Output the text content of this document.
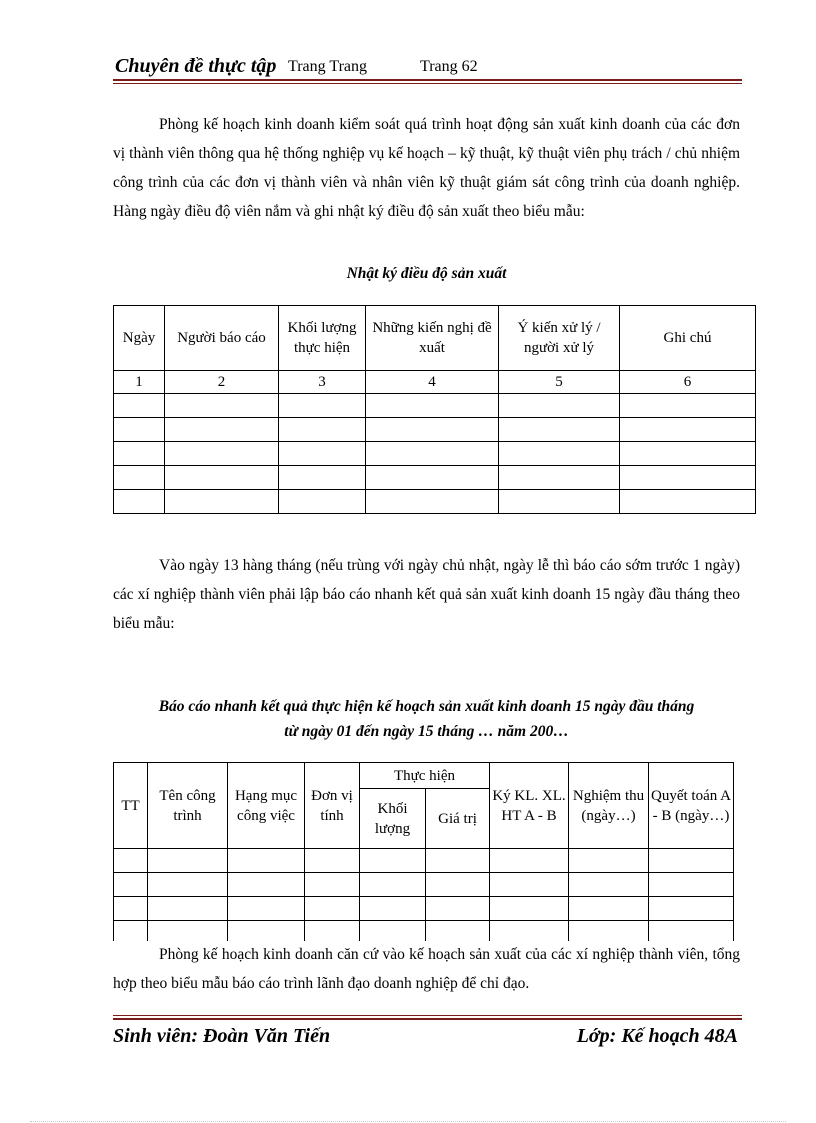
Chuyên đề thực tập Trang Trang	Trang 62
Phòng kế hoạch kinh doanh kiểm soát quá trình hoạt động sản xuất kinh doanh của các đơn vị thành viên thông qua hệ thống nghiệp vụ kế hoạch – kỹ thuật, kỹ thuật viên phụ trách / chủ nhiệm công trình của các đơn vị thành viên và nhân viên kỹ thuật giám sát công trình của doanh nghiệp. Hàng ngày điều độ viên nắm và ghi nhật ký điều độ sản xuất theo biểu mẫu:
Nhật ký điều độ sản xuất
Ngày	Người báo cáo	Khối lượng thực hiện	Những kiến nghị đề xuất	Ý kiến xử lý / người xử lý	Ghi chú
1	2	3	4	5	6

Vào ngày 13 hàng tháng (nếu trùng với ngày chủ nhật, ngày lễ thì báo cáo sớm trước 1 ngày) các xí nghiệp thành viên phải lập báo cáo nhanh kết quả sản xuất kinh doanh 15 ngày đầu tháng theo biểu mẫu:
Báo cáo nhanh kết quả thực hiện kế hoạch sản xuất kinh doanh 15 ngày đầu tháng
từ ngày 01 đến ngày 15 tháng … năm 200…
TT	Tên công trình	Hạng mục công việc	Đơn vị tính	Thực hiện		Ký KL. XL. HT A - B	Nghiệm thu (ngày…)	Quyết toán A - B (ngày…)
				Khối lượng	Giá trị			

Phòng kế hoạch kinh doanh căn cứ vào kế hoạch sản xuất của các xí nghiệp thành viên, tổng hợp theo biểu mẫu báo cáo trình lãnh đạo doanh nghiệp để chỉ đạo.
Sinh viên: Đoàn Văn Tiến	Lớp: Kế hoạch 48A
